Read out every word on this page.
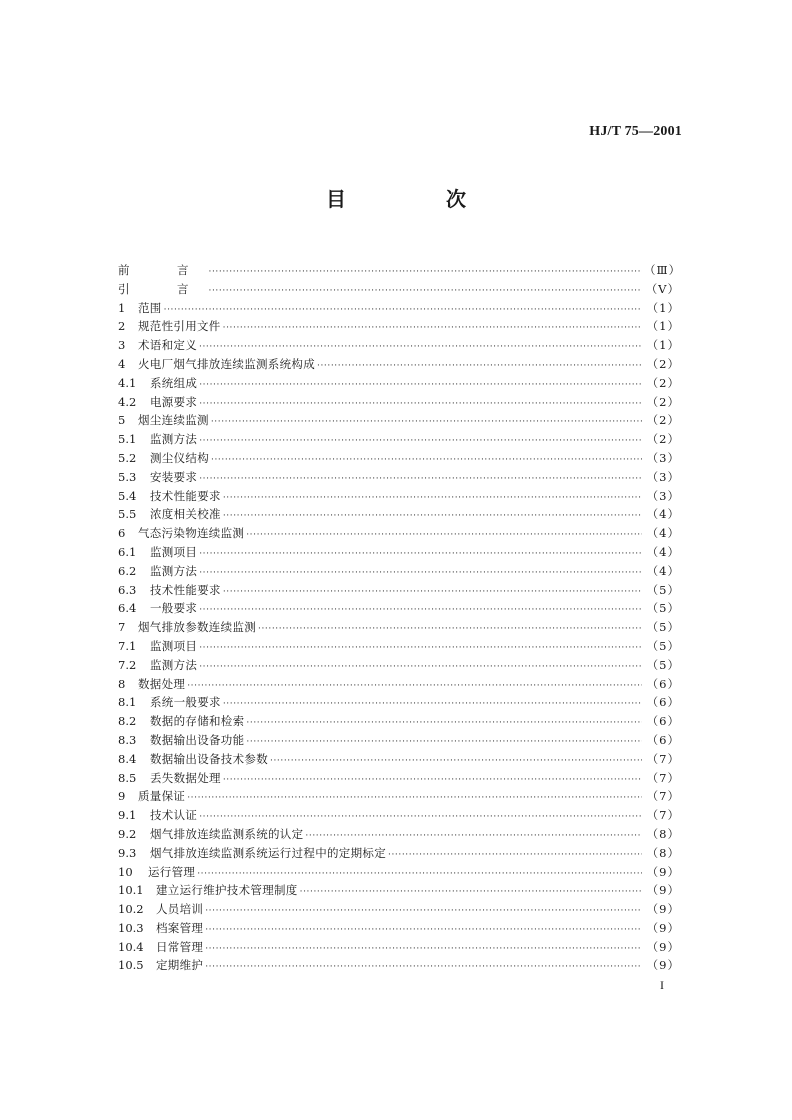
HJ/T 75—2001
目　次
前　言 ·····	（Ⅲ）
引　言 ·····	（Ⅴ）
1	范围 ·····	（1）
2	规范性引用文件 ·····	（1）
3	术语和定义 ·····	（1）
4	火电厂烟气排放连续监测系统构成 ·····	（2）
4.1	系统组成 ·····	（2）
4.2	电源要求 ·····	（2）
5	烟尘连续监测 ·····	（2）
5.1	监测方法 ·····	（2）
5.2	测尘仪结构 ·····	（3）
5.3	安装要求 ·····	（3）
5.4	技术性能要求 ·····	（3）
5.5	浓度相关校准 ·····	（4）
6	气态污染物连续监测 ·····	（4）
6.1	监测项目 ·····	（4）
6.2	监测方法 ·····	（4）
6.3	技术性能要求 ·····	（5）
6.4	一般要求 ·····	（5）
7	烟气排放参数连续监测 ·····	（5）
7.1	监测项目 ·····	（5）
7.2	监测方法 ·····	（5）
8	数据处理 ·····	（6）
8.1	系统一般要求 ·····	（6）
8.2	数据的存储和检索 ·····	（6）
8.3	数据输出设备功能 ·····	（6）
8.4	数据输出设备技术参数 ·····	（7）
8.5	丢失数据处理 ·····	（7）
9	质量保证 ·····	（7）
9.1	技术认证 ·····	（7）
9.2	烟气排放连续监测系统的认定 ·····	（8）
9.3	烟气排放连续监测系统运行过程中的定期标定 ·····	（8）
10	运行管理 ·····	（9）
10.1	建立运行维护技术管理制度 ·····	（9）
10.2	人员培训 ·····	（9）
10.3	档案管理 ·····	（9）
10.4	日常管理 ·····	（9）
10.5	定期维护 ·····	（9）
I
